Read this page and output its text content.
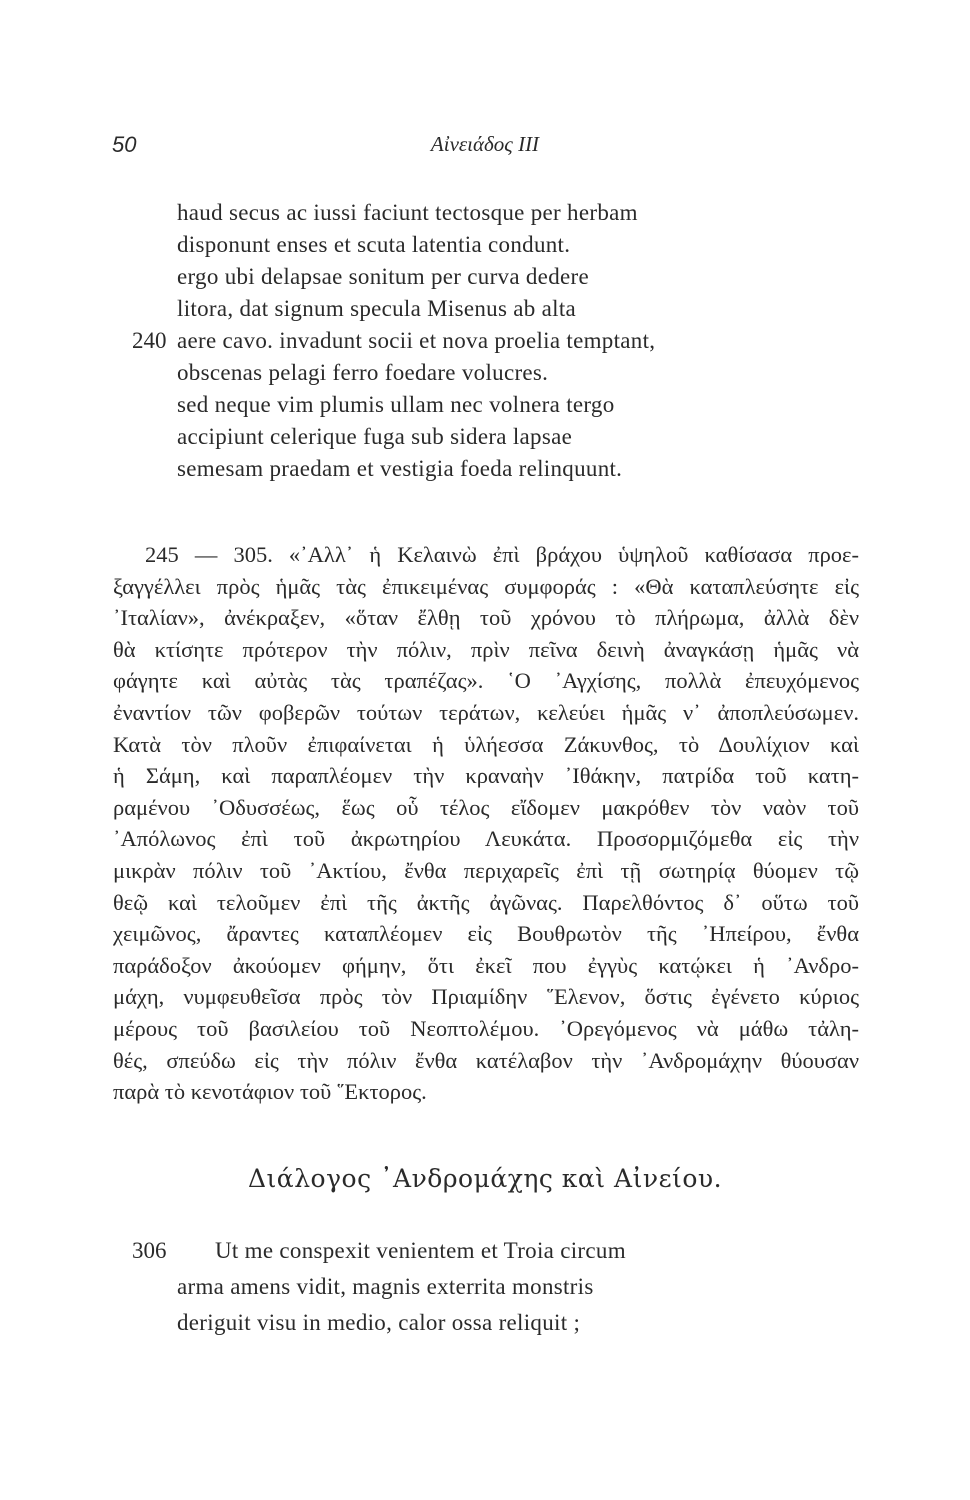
50	Αἰνειάδος III
haud secus ac iussi faciunt tectosque per herbam
disponunt enses et scuta latentia condunt.
ergo ubi delapsae sonitum per curva dedere
litora, dat signum specula Misenus ab alta
240 aere cavo. invadunt socii et nova proelia temptant,
obscenas pelagi ferro foedare volucres.
sed neque vim plumis ullam nec volnera tergo
accipiunt celerique fuga sub sidera lapsae
semesam praedam et vestigia foeda relinquunt.
245 — 305. «᾿Αλλ᾿ ἡ Κελαινὼ ἐπὶ βράχου ὑψηλοῦ καθίσασα προε-
ξαγγέλλει πρὸς ἡμᾶς τὰς ἐπικειμένας συμφοράς : «Θὰ καταπλεύσητε εἰς
᾿Ιταλίαν», ἀνέκραξεν, «ὅταν ἔλθῃ τοῦ χρόνου τὸ πλήρωμα, ἀλλὰ δὲν
θὰ κτίσητε πρότερον τὴν πόλιν, πρὶν πεῖνα δεινὴ ἀναγκάσῃ ἡμᾶς νὰ
φάγητε καὶ αὐτὰς τὰς τραπέζας». ῾Ο ᾿Αγχίσης, πολλὰ ἐπευχόμενος
ἐναντίον τῶν φοβερῶν τούτων τεράτων, κελεύει ἡμᾶς ν᾿ ἀποπλεύσωμεν.
Κατὰ τὸν πλοῦν ἐπιφαίνεται ἡ ὑλήεσσα Ζάκυνθος, τὸ Δουλίχιον καὶ
ἡ Σάμη, καὶ παραπλέομεν τὴν κραναὴν ᾿Ιθάκην, πατρίδα τοῦ κατη-
ραμένου ᾿Οδυσσέως, ἕως οὗ τέλος εἴδομεν μακρόθεν τὸν ναὸν τοῦ
᾿Απόλωνος ἐπὶ τοῦ ἀκρωτηρίου Λευκάτα. Προσορμιζόμεθα εἰς τὴν
μικρὰν πόλιν τοῦ ᾿Ακτίου, ἔνθα περιχαρεῖς ἐπὶ τῇ σωτηρίᾳ θύομεν τῷ
θεῷ καὶ τελοῦμεν ἐπὶ τῆς ἀκτῆς ἀγῶνας. Παρελθόντος δ᾿ οὕτω τοῦ
χειμῶνος, ἄραντες καταπλέομεν εἰς Βουθρωτὸν τῆς ᾿Ηπείρου, ἔνθα
παράδοξον ἀκούομεν φήμην, ὅτι ἐκεῖ που ἐγγὺς κατῴκει ἡ ᾿Ανδρο-
μάχη, νυμφευθεῖσα πρὸς τὸν Πριαμίδην ῞Ελενον, ὅστις ἐγένετο κύριος
μέρους τοῦ βασιλείου τοῦ Νεοπτολέμου. ᾿Ορεγόμενος νὰ μάθω τἀλη-
θές, σπεύδω εἰς τὴν πόλιν ἔνθα κατέλαβον τὴν ᾿Ανδρομάχην θύουσαν
παρὰ τὸ κενοτάφιον τοῦ ῞Εκτορος.
Διάλογος ᾿Ανδρομάχης καὶ Αἰνείου.
306 Ut me conspexit venientem et Troia circum
arma amens vidit, magnis exterrita monstris
deriguit visu in medio, calor ossa reliquit ;
